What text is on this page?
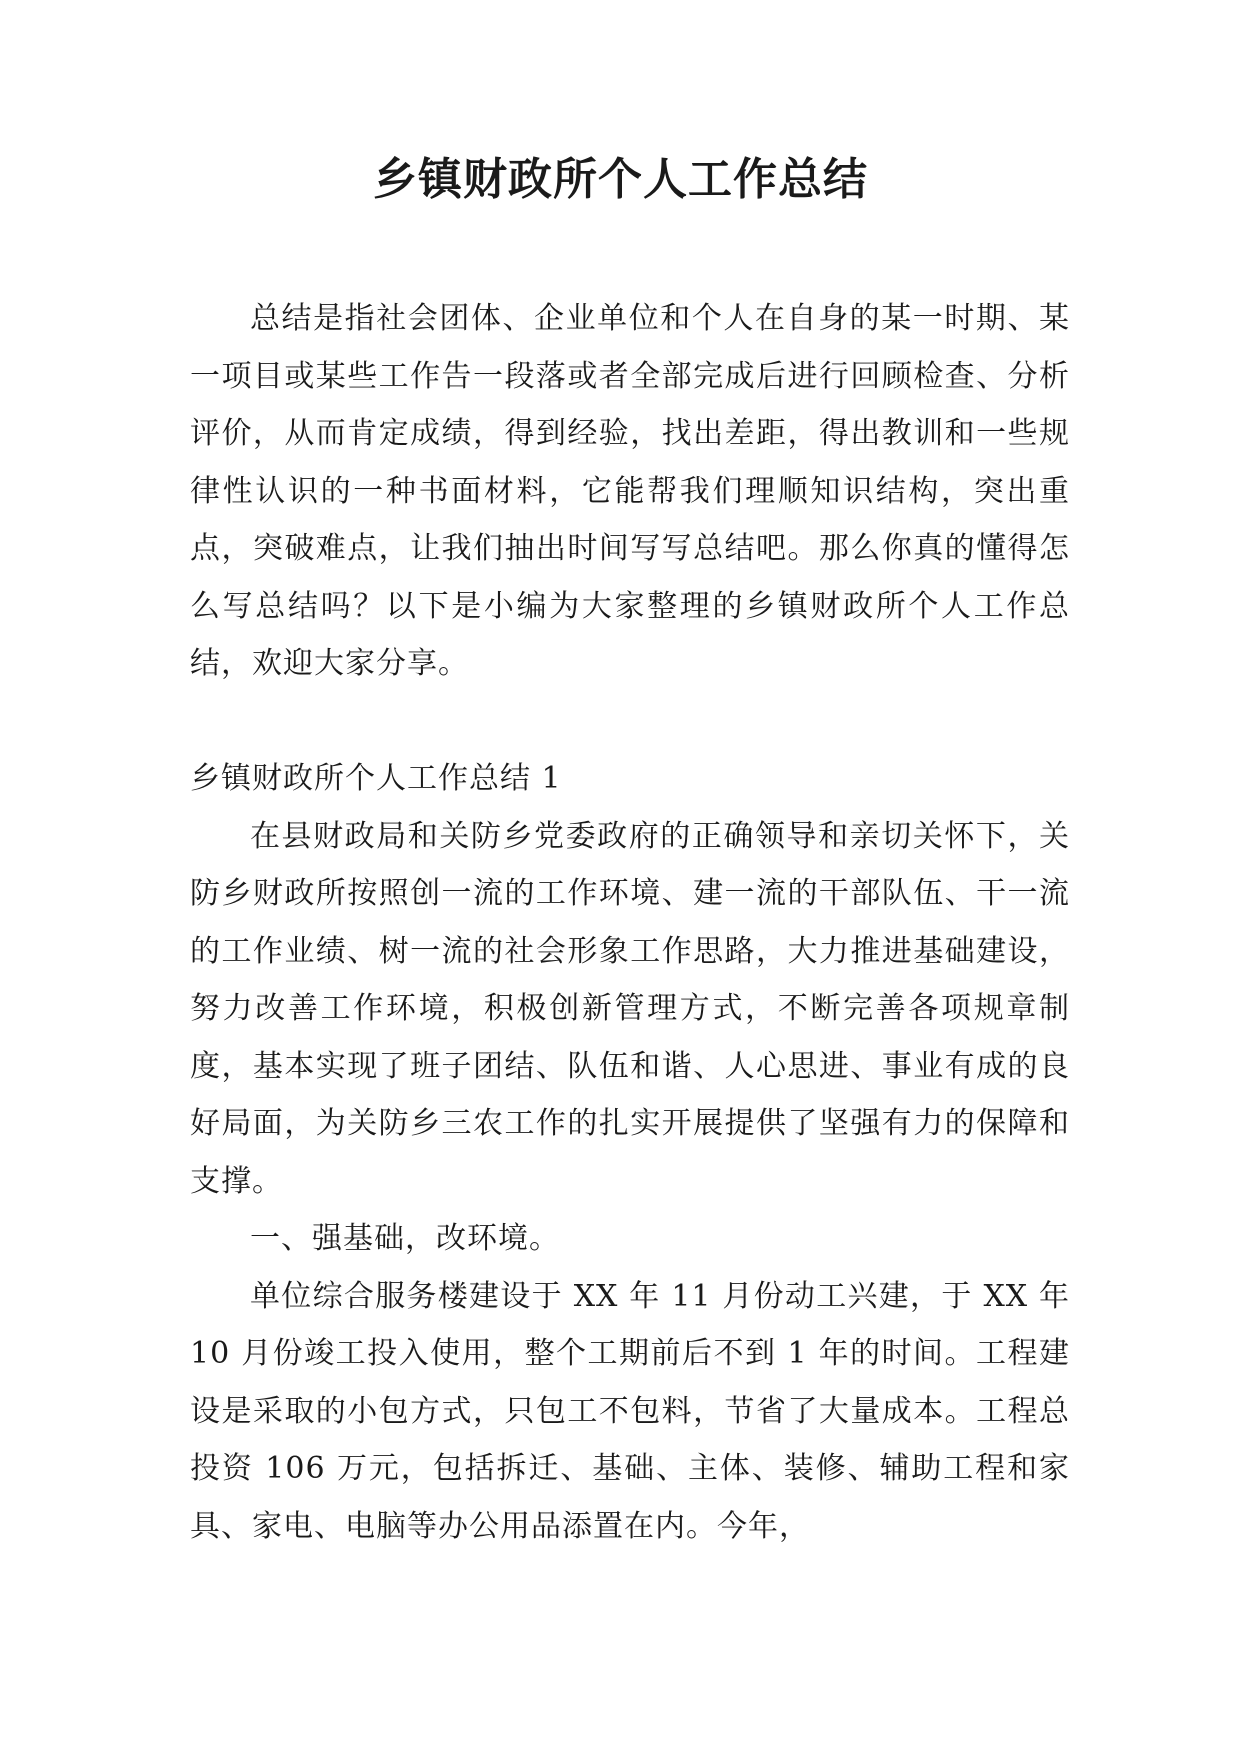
乡镇财政所个人工作总结

总结是指社会团体、企业单位和个人在自身的某一时期、某一项目或某些工作告一段落或者全部完成后进行回顾检查、分析评价，从而肯定成绩，得到经验，找出差距，得出教训和一些规律性认识的一种书面材料，它能帮我们理顺知识结构，突出重点，突破难点，让我们抽出时间写写总结吧。那么你真的懂得怎么写总结吗？以下是小编为大家整理的乡镇财政所个人工作总结，欢迎大家分享。

乡镇财政所个人工作总结 1

在县财政局和关防乡党委政府的正确领导和亲切关怀下，关防乡财政所按照创一流的工作环境、建一流的干部队伍、干一流的工作业绩、树一流的社会形象工作思路，大力推进基础建设，努力改善工作环境，积极创新管理方式，不断完善各项规章制度，基本实现了班子团结、队伍和谐、人心思进、事业有成的良好局面，为关防乡三农工作的扎实开展提供了坚强有力的保障和支撑。

一、强基础，改环境。

单位综合服务楼建设于 XX 年 11 月份动工兴建，于 XX 年 10 月份竣工投入使用，整个工期前后不到 1 年的时间。工程建设是采取的小包方式，只包工不包料，节省了大量成本。工程总投资 106 万元，包括拆迁、基础、主体、装修、辅助工程和家具、家电、电脑等办公用品添置在内。今年，
